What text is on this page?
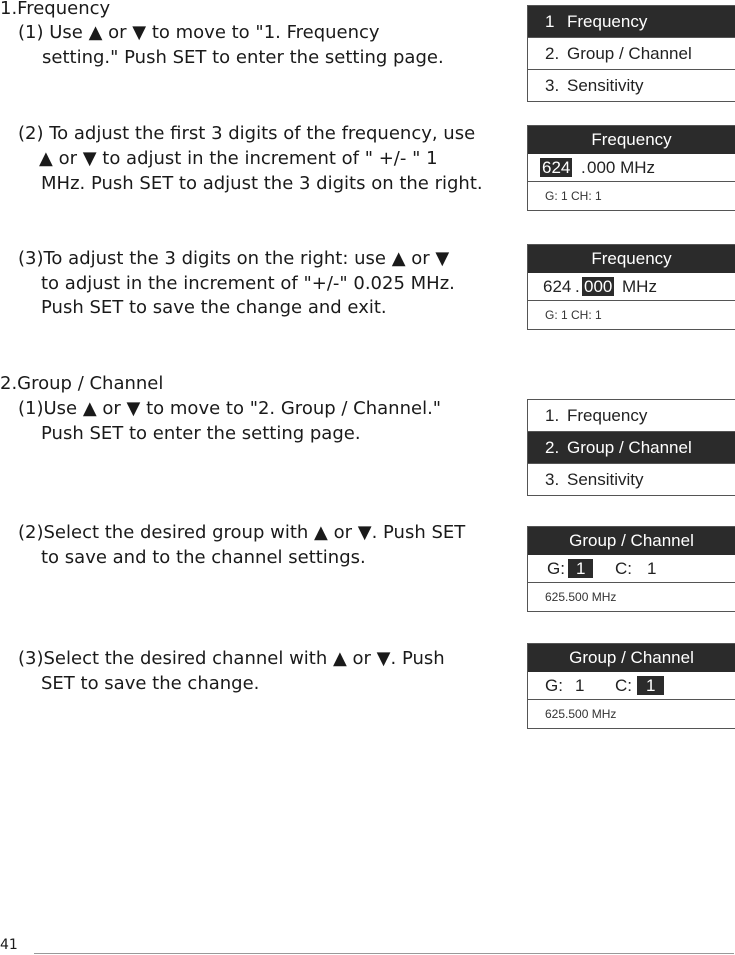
1.Frequency
(1) Use ▲ or ▼ to move to "1. Frequency
setting." Push SET to enter the setting page.
(2) To adjust the first 3 digits of the frequency, use
▲ or ▼ to adjust in the increment of " +/- " 1
MHz. Push SET to adjust the 3 digits on the right.
(3)To adjust the 3 digits on the right: use ▲ or ▼
to adjust in the increment of "+/-" 0.025 MHz.
Push SET to save the change and exit.
2.Group / Channel
(1)Use ▲ or ▼ to move to "2. Group / Channel."
Push SET to enter the setting page.
(2)Select the desired group with ▲ or ▼. Push SET
to save and to the channel settings.
(3)Select the desired channel with ▲ or ▼. Push
SET to save the change.
1 Frequency
2. Group / Channel
3. Sensitivity
Frequency
624 . 000 MHz
G: 1 CH: 1
Frequency
624 . 000 MHz
G: 1 CH: 1
1. Frequency
2. Group / Channel
3. Sensitivity
Group / Channel
G: 1	C: 1
625.500 MHz
Group / Channel
G: 1 C: 1
625.500 MHz
41
